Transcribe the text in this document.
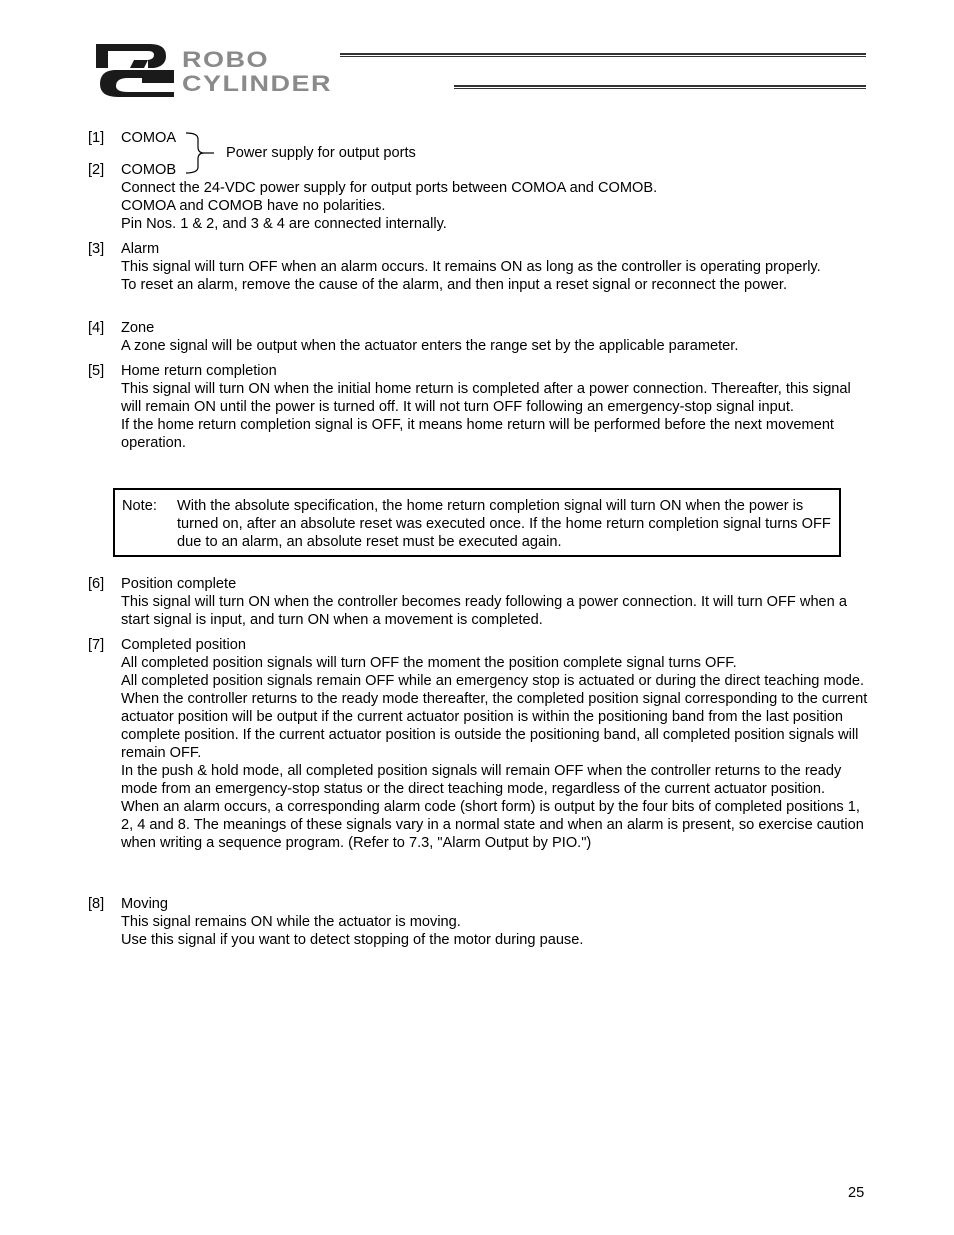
ROBO
CYLINDER
[1] COMOA
Power supply for output ports
[2]	COMOB

Connect the 24-VDC power supply for output ports between COMOA and COMOB.

COMOA and COMOB have no polarities.

Pin Nos. 1 & 2, and 3 & 4 are connected internally.

[3]	Alarm

This signal will turn OFF when an alarm occurs. It remains ON as long as the controller is operating properly.

To reset an alarm, remove the cause of the alarm, and then input a reset signal or reconnect the power.

[4]	Zone

A zone signal will be output when the actuator enters the range set by the applicable parameter.

[5]	Home return completion

This signal will turn ON when the initial home return is completed after a power connection. Thereafter, this signal will remain ON until the power is turned off. It will not turn OFF following an emergency-stop signal input.

If the home return completion signal is OFF, it means home return will be performed before the next movement operation.

Note: With the absolute specification, the home return completion signal will turn ON when the power is turned on, after an absolute reset was executed once. If the home return completion signal turns OFF due to an alarm, an absolute reset must be executed again.

[6]	Position complete

This signal will turn ON when the controller becomes ready following a power connection. It will turn OFF when a start signal is input, and turn ON when a movement is completed.

[7]	Completed position

All completed position signals will turn OFF the moment the position complete signal turns OFF.

All completed position signals remain OFF while an emergency stop is actuated or during the direct teaching mode.

When the controller returns to the ready mode thereafter, the completed position signal corresponding to the current actuator position will be output if the current actuator position is within the positioning band from the last position complete position. If the current actuator position is outside the positioning band, all completed position signals will remain OFF.

In the push & hold mode, all completed position signals will remain OFF when the controller returns to the ready mode from an emergency-stop status or the direct teaching mode, regardless of the current actuator position.

When an alarm occurs, a corresponding alarm code (short form) is output by the four bits of completed positions 1, 2, 4 and 8. The meanings of these signals vary in a normal state and when an alarm is present, so exercise caution when writing a sequence program. (Refer to 7.3, "Alarm Output by PIO.")

[8]	Moving

This signal remains ON while the actuator is moving.

Use this signal if you want to detect stopping of the motor during pause.

25
